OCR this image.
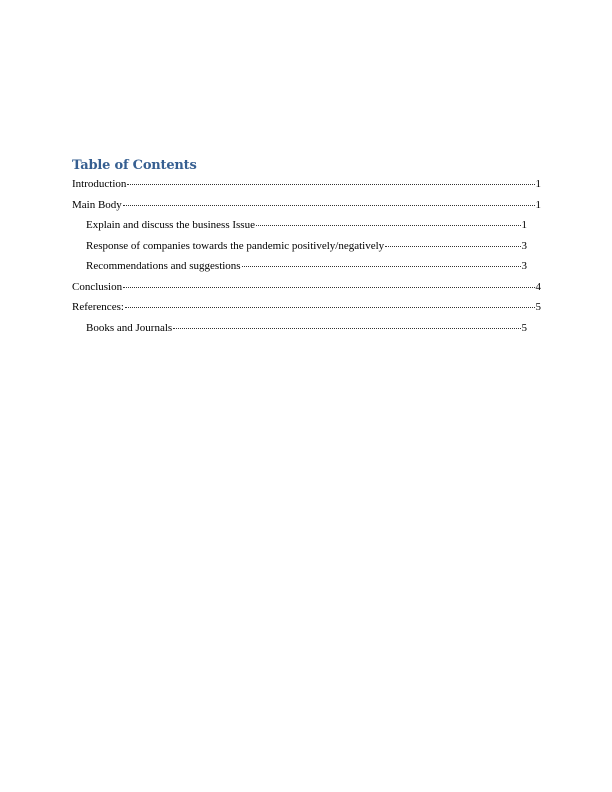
Table of Contents
Introduction	1
Main Body	1
Explain and discuss the business Issue	1
Response of companies towards the pandemic positively/negatively	3
Recommendations and suggestions	3
Conclusion	4
References:	5
Books and Journals	5
